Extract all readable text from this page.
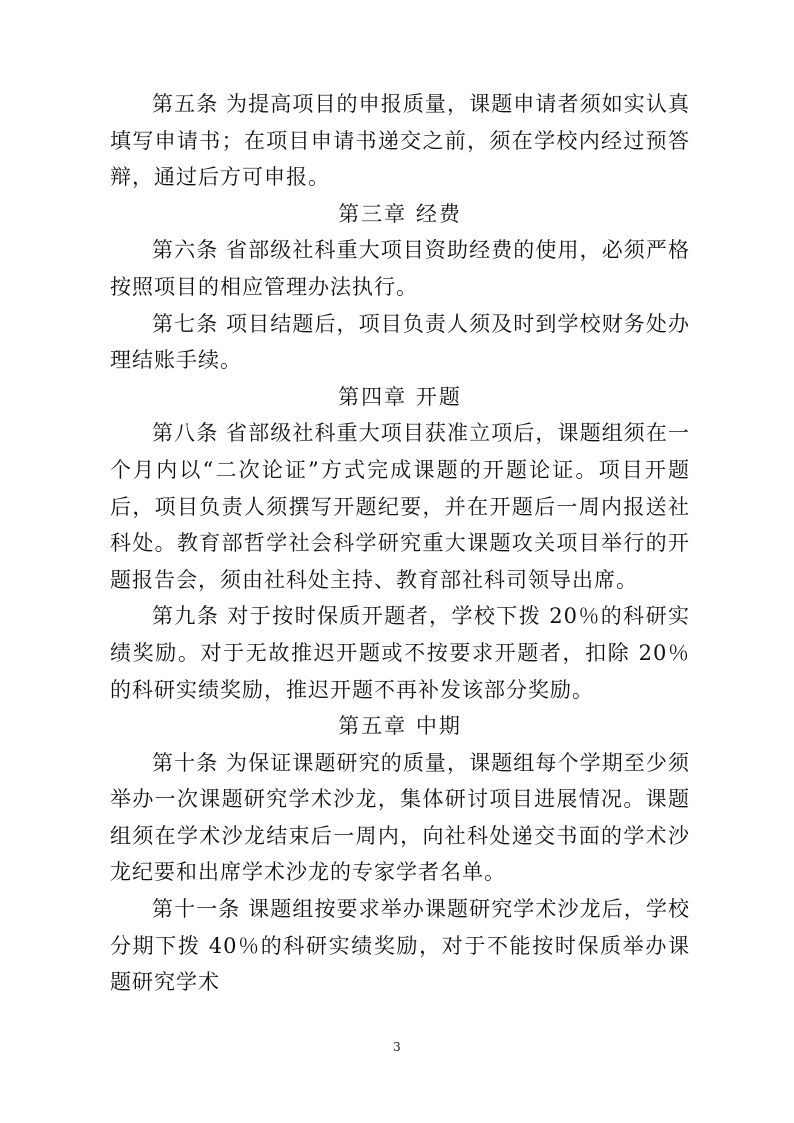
第五条 为提高项目的申报质量，课题申请者须如实认真填写申请书；在项目申请书递交之前，须在学校内经过预答辩，通过后方可申报。

第三章 经费

第六条 省部级社科重大项目资助经费的使用，必须严格按照项目的相应管理办法执行。

第七条 项目结题后，项目负责人须及时到学校财务处办理结账手续。

第四章 开题

第八条 省部级社科重大项目获准立项后，课题组须在一个月内以“二次论证”方式完成课题的开题论证。项目开题后，项目负责人须撰写开题纪要，并在开题后一周内报送社科处。教育部哲学社会科学研究重大课题攻关项目举行的开题报告会，须由社科处主持、教育部社科司领导出席。

第九条 对于按时保质开题者，学校下拨 20％的科研实绩奖励。对于无故推迟开题或不按要求开题者，扣除 20％的科研实绩奖励，推迟开题不再补发该部分奖励。

第五章 中期

第十条 为保证课题研究的质量，课题组每个学期至少须举办一次课题研究学术沙龙，集体研讨项目进展情况。课题组须在学术沙龙结束后一周内，向社科处递交书面的学术沙龙纪要和出席学术沙龙的专家学者名单。

第十一条 课题组按要求举办课题研究学术沙龙后，学校分期下拨 40％的科研实绩奖励，对于不能按时保质举办课题研究学术

3
